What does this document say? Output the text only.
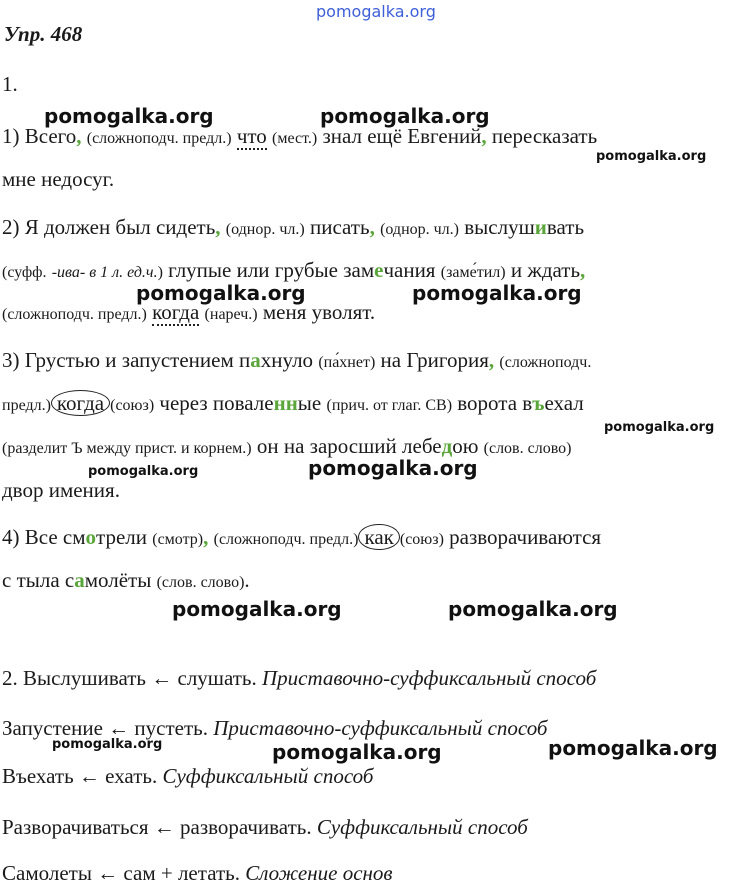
pomogalka.org
pomogalka.org	pomogalka.org
pomogalka.org
pomogalka.org	pomogalka.org
pomogalka.org
pomogalka.org	pomogalka.org
pomogalka.org	pomogalka.org
pomogalka.org	pomogalka.org	pomogalka.org
Упр. 468
1.
1) Всего, (сложноподч. предл.) что (мест.) знал ещё Евгений, пересказать
мне недосуг.
2) Я должен был сидеть, (однор. чл.) писать, (однор. чл.) выслушивать
(суфф. -ива- в 1 л. ед.ч.) глупые или грубые замечания (заме́тил) и ждать,
(сложноподч. предл.) когда (нареч.) меня уволят.
3) Грустью и запустением пахнуло (па́хнет) на Григория, (сложноподч.
предл.) когда (союз) через поваленные (прич. от глаг. СВ) ворота въехал
(разделит Ъ между прист. и корнем.) он на заросший лебедою (слов. слово)
двор имения.
4) Все смотрели (смотр), (сложноподч. предл.) как (союз) разворачиваются
с тыла самолёты (слов. слово).
2. Выслушивать ← слушать. Приставочно-суффиксальный способ
Запустение ← пустеть. Приставочно-суффиксальный способ
Въехать ← ехать. Суффиксальный способ
Разворачиваться ← разворачивать. Суффиксальный способ
Самолеты ← сам + летать. Сложение основ
